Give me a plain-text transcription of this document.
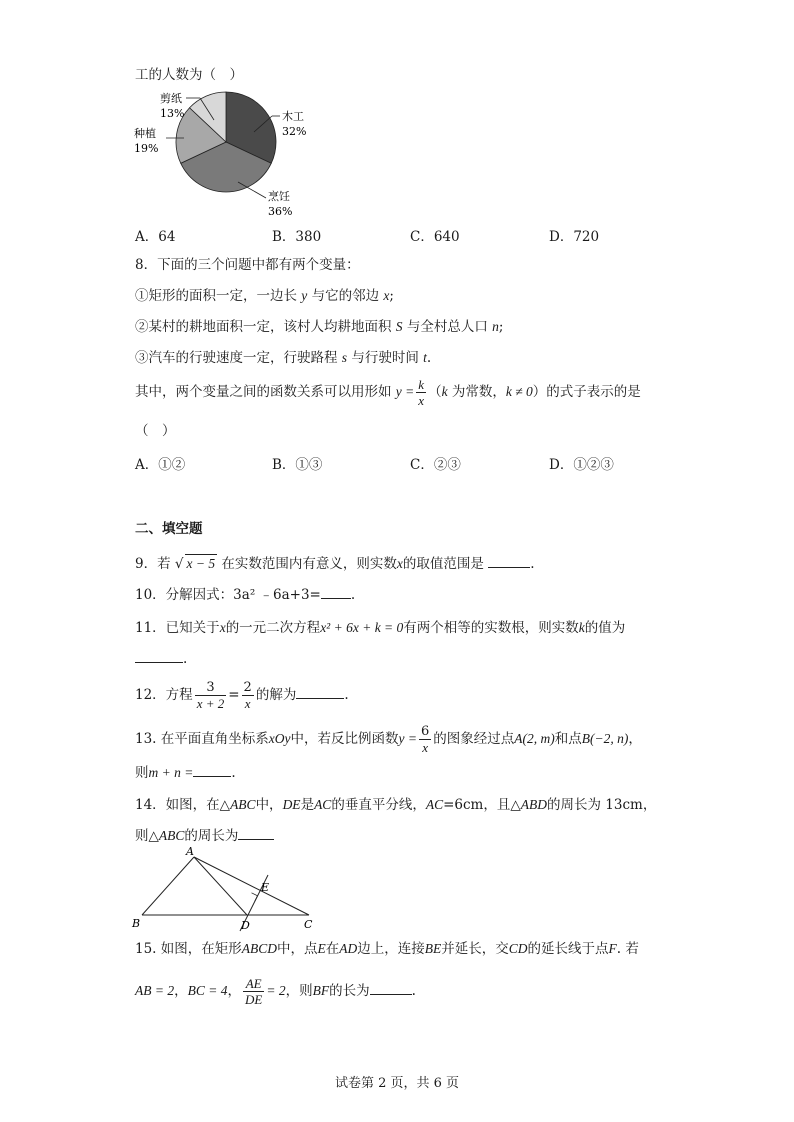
工的人数为（　）
木工
32%
烹饪
36%
种植
19%
剪纸
13%
A．64	B．380	C．640	D．720
8．下面的三个问题中都有两个变量：
①矩形的面积一定，一边长 y 与它的邻边 x;
②某村的耕地面积一定，该村人均耕地面积 S 与全村总人口 n;
③汽车的行驶速度一定，行驶路程 s 与行驶时间 t.
其中，两个变量之间的函数关系可以用形如 $y = \frac{k}{x} (k$ 为常数，k ≠ 0）的式子表示的是
（　）
A．①②	B．①③	C．②③	D．①②③
二、填空题
9．若 √ x − 5 在实数范围内有意义，则实数x的取值范围是	.
10．分解因式：3a² ﹣6a+3= .
11．已知关于x的一元二次方程x² + 6x + k = 0有两个相等的实数根，则实数k的值为
.
12．方程 $\frac{3}{x + 2} = \frac{2}{x}$ 的解为	.
13. 在平面直角坐标系xOy中，若反比例函数$y = \frac{6}{x}$ 的图象经过点A(2, m)和点B(−2, n)，
则m + n =	.
14．如图，在△ABC中，DE是AC的垂直平分线，AC=6cm，且△ABD的周长为 13cm，
则△ABC的周长为
A
B	C
D
E
15. 如图，在矩形ABCD中，点E在AD边上，连接BE并延长，交CD的延长线于点F. 若
AB = 2，BC = 4， $\frac{AE}{DE} = 2$，则BF的长为	.
试卷第 2 页，共 6 页
